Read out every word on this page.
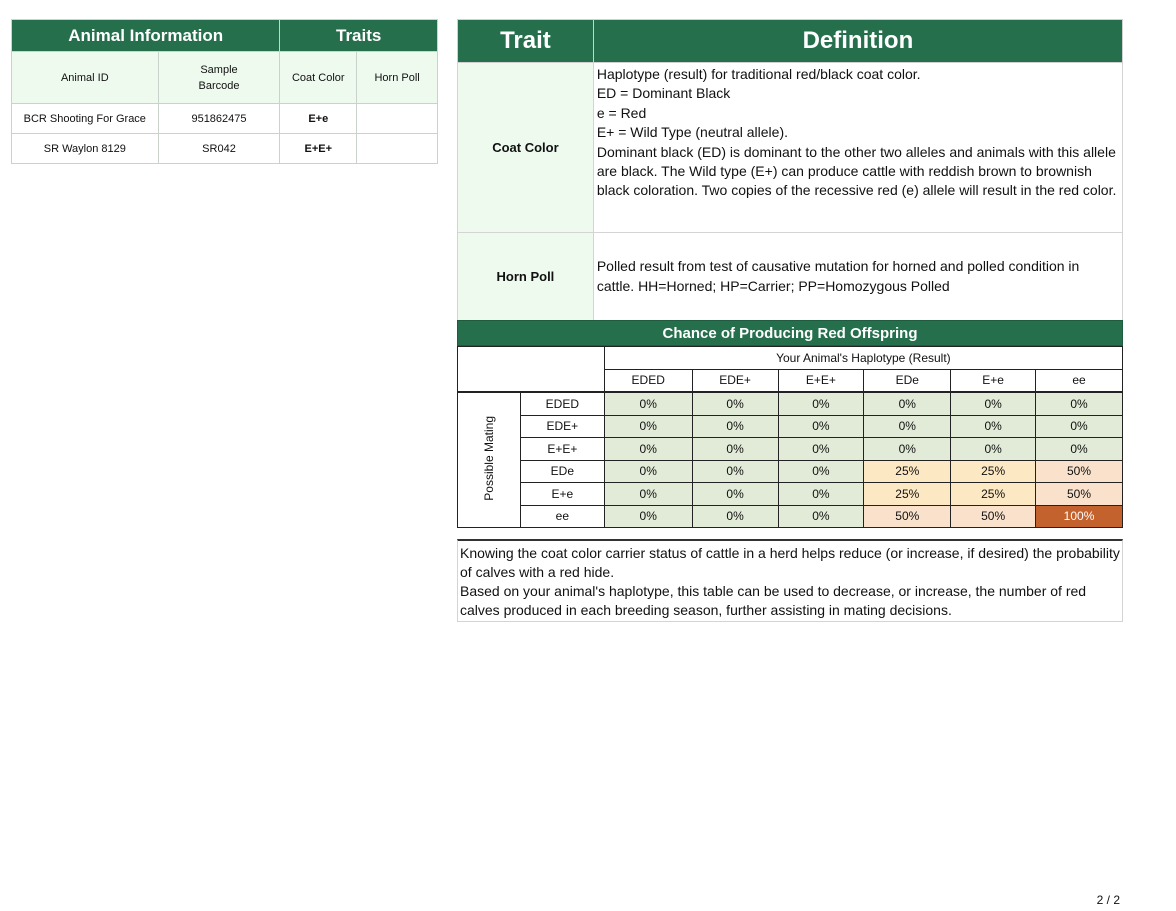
Animal Information		Traits	
Animal ID	Sample Barcode	Coat Color	Horn Poll
BCR Shooting For Grace	951862475	E+e	
SR Waylon 8129	SR042	E+E+	
Trait	Definition
Coat Color	Haplotype (result) for traditional red/black coat color.
ED = Dominant Black
e = Red
E+ = Wild Type (neutral allele).
Dominant black (ED) is dominant to the other two alleles and animals with this allele are black. The Wild type (E+) can produce cattle with reddish brown to brownish black coloration. Two copies of the recessive red (e) allele will result in the red color.

Horn Poll	Polled result from test of causative mutation for horned and polled condition in cattle. HH=Horned; HP=Carrier; PP=Homozygous Polled
Chance of Producing Red Offspring
		Your Animal's Haplotype (Result)					
		EDED	EDE+	E+E+	EDe	E+e	ee
Possible Mating	EDED	0%	0%	0%	0%	0%	0%
	EDE+	0%	0%	0%	0%	0%	0%
	E+E+	0%	0%	0%	0%	0%	0%
	EDe	0%	0%	0%	25%	25%	50%
	E+e	0%	0%	0%	25%	25%	50%
	ee	0%	0%	0%	50%	50%	100%
Knowing the coat color carrier status of cattle in a herd helps reduce (or increase, if desired) the probability of calves with a red hide.
Based on your animal's haplotype, this table can be used to decrease, or increase, the number of red calves produced in each breeding season, further assisting in mating decisions.
2 / 2
